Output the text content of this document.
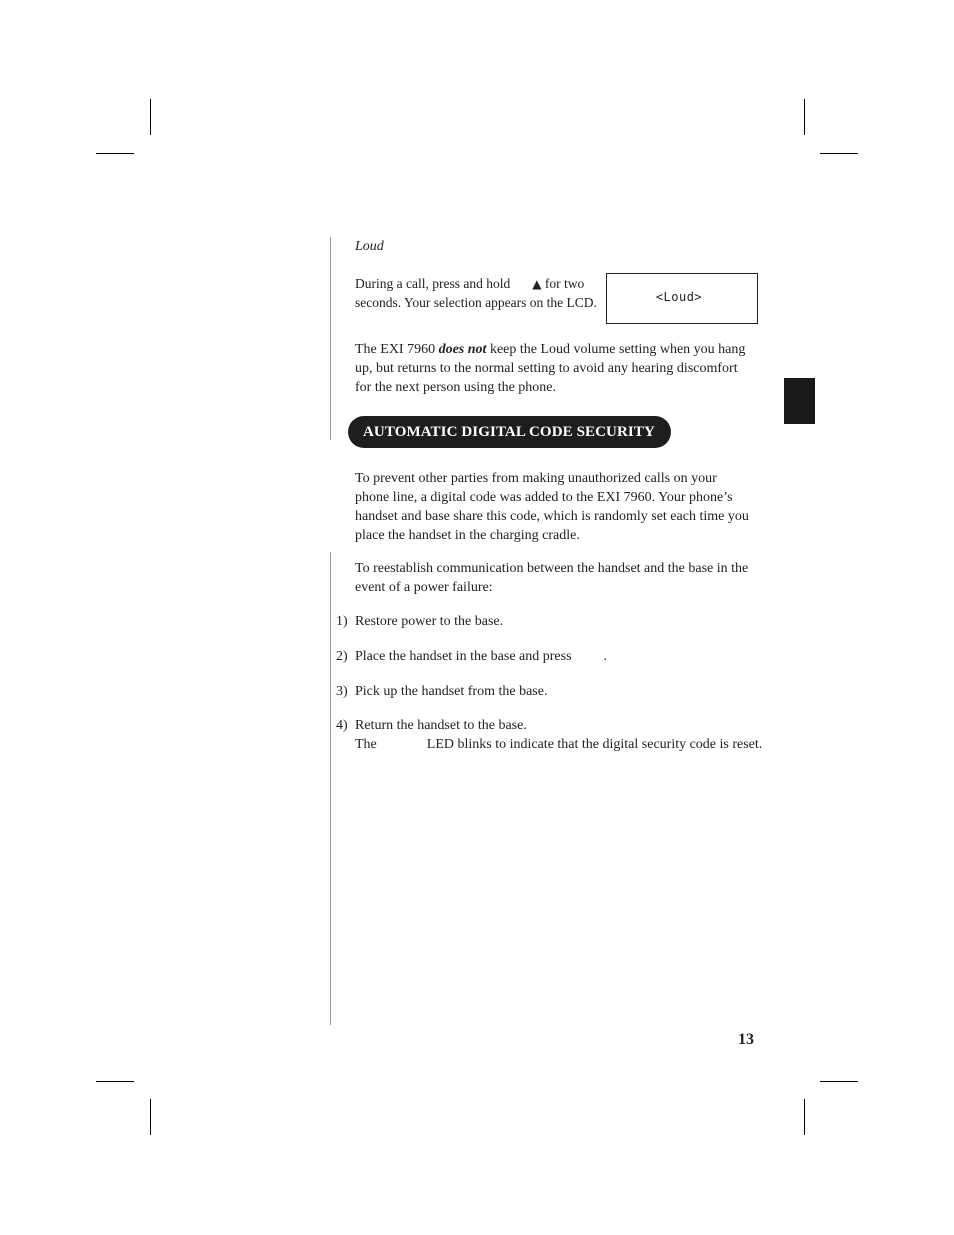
Loud
During a call, press and hold ▲ for two
seconds. Your selection appears on the LCD.	<Loud>
The EXI 7960 does not keep the Loud volume setting when you hang
up, but returns to the normal setting to avoid any hearing discomfort
for the next person using the phone.
AUTOMATIC DIGITAL CODE SECURITY
To prevent other parties from making unauthorized calls on your
phone line, a digital code was added to the EXI 7960. Your phone’s
handset and base share this code, which is randomly set each time you
place the handset in the charging cradle.
To reestablish communication between the handset and the base in the
event of a power failure:
1) Restore power to the base.
2) Place the handset in the base and press .
3) Pick up the handset from the base.
4) Return the handset to the base.
The	LED blinks to indicate that the digital security code is reset.
13
